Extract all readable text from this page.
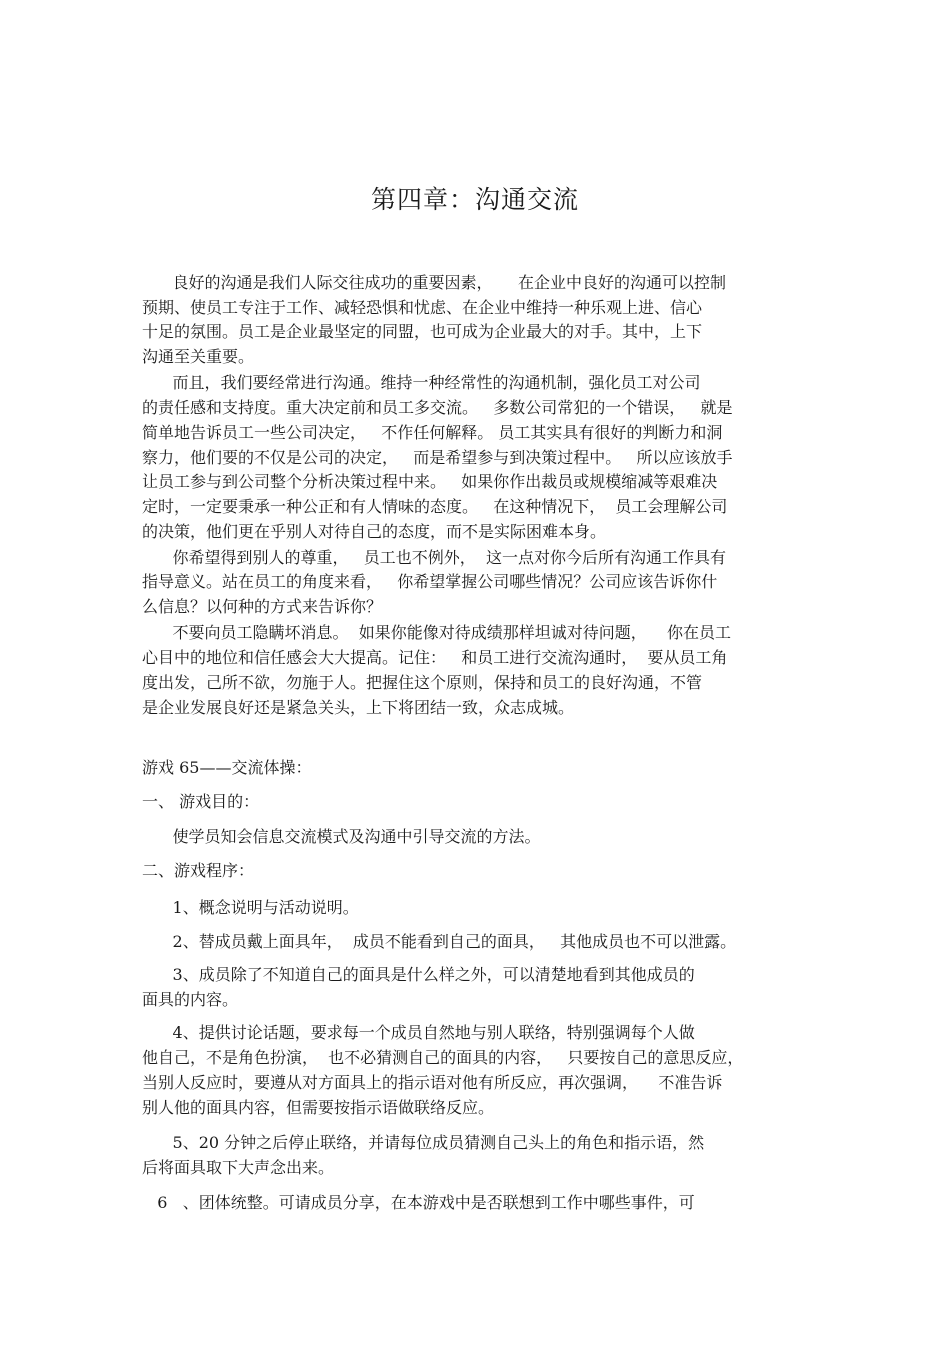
第四章：沟通交流
良好的沟通是我们人际交往成功的重要因素，     在企业中良好的沟通可以控制
预期、使员工专注于工作、减轻恐惧和忧虑、在企业中维持一种乐观上进、信心
十足的氛围。员工是企业最坚定的同盟，也可成为企业最大的对手。其中，上下
沟通至关重要。
而且，我们要经常进行沟通。维持一种经常性的沟通机制，强化员工对公司
的责任感和支持度。重大决定前和员工多交流。   多数公司常犯的一个错误，   就是
简单地告诉员工一些公司决定，   不作任何解释。 员工其实具有很好的判断力和洞
察力，他们要的不仅是公司的决定，   而是希望参与到决策过程中。   所以应该放手
让员工参与到公司整个分析决策过程中来。   如果你作出裁员或规模缩减等艰难决
定时，一定要秉承一种公正和有人情味的态度。   在这种情况下，  员工会理解公司
的决策，他们更在乎别人对待自己的态度，而不是实际困难本身。
你希望得到别人的尊重，   员工也不例外，  这一点对你今后所有沟通工作具有
指导意义。站在员工的角度来看，   你希望掌握公司哪些情况？公司应该告诉你什
么信息？以何种的方式来告诉你？
不要向员工隐瞒坏消息。  如果你能像对待成绩那样坦诚对待问题，    你在员工
心目中的地位和信任感会大大提高。记住：   和员工进行交流沟通时，  要从员工角
度出发，己所不欲，勿施于人。把握住这个原则，保持和员工的良好沟通，不管
是企业发展良好还是紧急关头，上下将团结一致，众志成城。
游戏 65——交流体操：
一、 游戏目的：
使学员知会信息交流模式及沟通中引导交流的方法。
二、游戏程序：
1、概念说明与活动说明。
2、替成员戴上面具年，  成员不能看到自己的面具，   其他成员也不可以泄露。
3、成员除了不知道自己的面具是什么样之外，可以清楚地看到其他成员的
面具的内容。
4、提供讨论话题，要求每一个成员自然地与别人联络，特别强调每个人做
他自己，不是角色扮演，  也不必猜测自己的面具的内容，   只要按自己的意思反应，
当别人反应时，要遵从对方面具上的指示语对他有所反应，再次强调，    不准告诉
别人他的面具内容，但需要按指示语做联络反应。
5、20 分钟之后停止联络，并请每位成员猜测自己头上的角色和指示语，然
后将面具取下大声念出来。
6   、团体统整。可请成员分享，在本游戏中是否联想到工作中哪些事件，可
